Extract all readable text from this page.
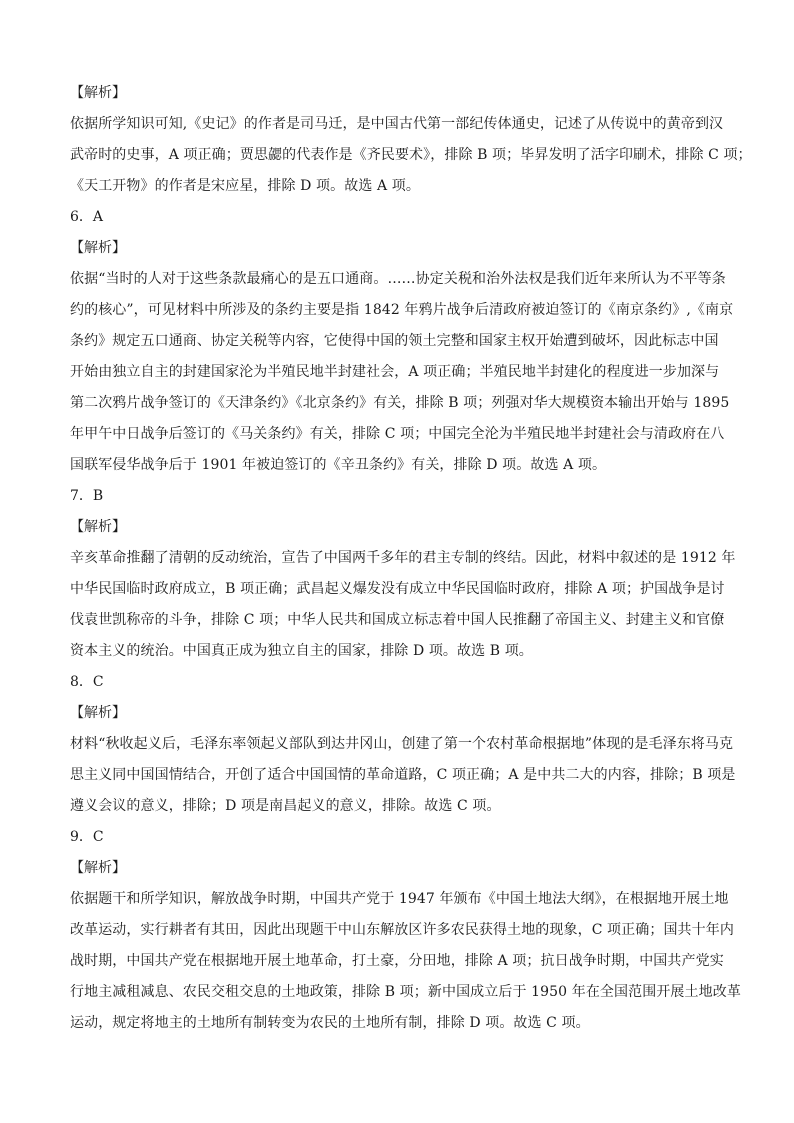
【解析】
依据所学知识可知,《史记》的作者是司马迁，是中国古代第一部纪传体通史，记述了从传说中的黄帝到汉
武帝时的史事，A 项正确；贾思勰的代表作是《齐民要术》，排除 B 项；毕昇发明了活字印刷术，排除 C 项；
《天工开物》的作者是宋应星，排除 D 项。故选 A 项。
6．A
【解析】
依据“当时的人对于这些条款最痛心的是五口通商。……协定关税和治外法权是我们近年来所认为不平等条
约的核心”，可见材料中所涉及的条约主要是指 1842 年鸦片战争后清政府被迫签订的《南京条约》,《南京
条约》规定五口通商、协定关税等内容，它使得中国的领土完整和国家主权开始遭到破坏，因此标志中国
开始由独立自主的封建国家沦为半殖民地半封建社会，A 项正确；半殖民地半封建化的程度进一步加深与
第二次鸦片战争签订的《天津条约》《北京条约》有关，排除 B 项；列强对华大规模资本输出开始与 1895
年甲午中日战争后签订的《马关条约》有关，排除 C 项；中国完全沦为半殖民地半封建社会与清政府在八
国联军侵华战争后于 1901 年被迫签订的《辛丑条约》有关，排除 D 项。故选 A 项。
7．B
【解析】
辛亥革命推翻了清朝的反动统治，宣告了中国两千多年的君主专制的终结。因此，材料中叙述的是 1912 年
中华民国临时政府成立，B 项正确；武昌起义爆发没有成立中华民国临时政府，排除 A 项；护国战争是讨
伐袁世凯称帝的斗争，排除 C 项；中华人民共和国成立标志着中国人民推翻了帝国主义、封建主义和官僚
资本主义的统治。中国真正成为独立自主的国家，排除 D 项。故选 B 项。
8．C
【解析】
材料“秋收起义后，毛泽东率领起义部队到达井冈山，创建了第一个农村革命根据地”体现的是毛泽东将马克
思主义同中国国情结合，开创了适合中国国情的革命道路，C 项正确；A 是中共二大的内容，排除；B 项是
遵义会议的意义，排除；D 项是南昌起义的意义，排除。故选 C 项。
9．C
【解析】
依据题干和所学知识，解放战争时期，中国共产党于 1947 年颁布《中国土地法大纲》，在根据地开展土地
改革运动，实行耕者有其田，因此出现题干中山东解放区许多农民获得土地的现象，C 项正确；国共十年内
战时期，中国共产党在根据地开展土地革命，打土豪，分田地，排除 A 项；抗日战争时期，中国共产党实
行地主减租减息、农民交租交息的土地政策，排除 B 项；新中国成立后于 1950 年在全国范围开展土地改革
运动，规定将地主的土地所有制转变为农民的土地所有制，排除 D 项。故选 C 项。
